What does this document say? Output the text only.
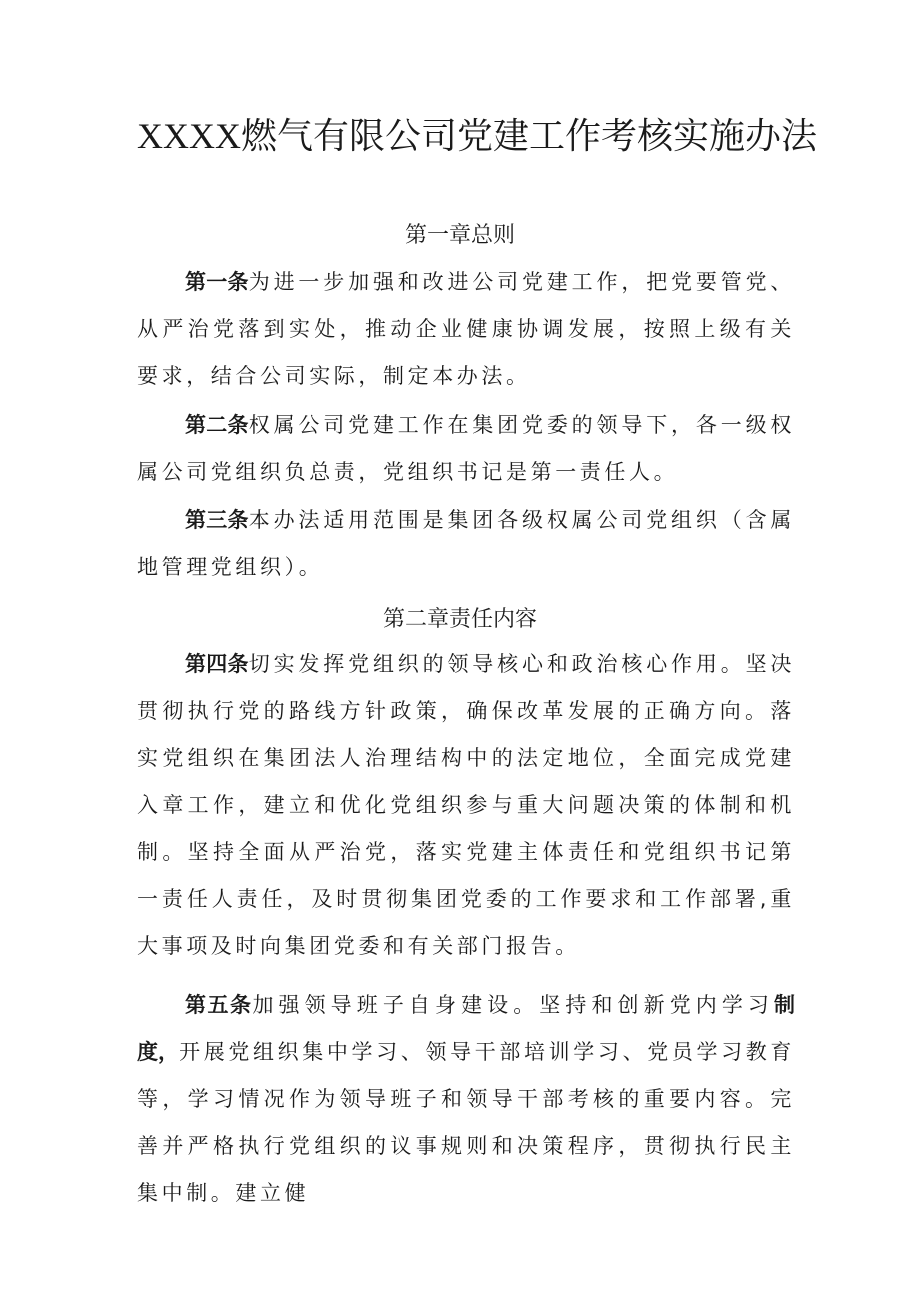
XXXX燃气有限公司党建工作考核实施办法
第一章总则
第一条为进一步加强和改进公司党建工作，把党要管党、从严治党落到实处，推动企业健康协调发展，按照上级有关要求，结合公司实际，制定本办法。
第二条权属公司党建工作在集团党委的领导下，各一级权属公司党组织负总责，党组织书记是第一责任人。
第三条本办法适用范围是集团各级权属公司党组织（含属地管理党组织）。
第二章责任内容
第四条切实发挥党组织的领导核心和政治核心作用。坚决贯彻执行党的路线方针政策，确保改革发展的正确方向。落实党组织在集团法人治理结构中的法定地位，全面完成党建入章工作，建立和优化党组织参与重大问题决策的体制和机制。坚持全面从严治党，落实党建主体责任和党组织书记第一责任人责任，及时贯彻集团党委的工作要求和工作部署,重大事项及时向集团党委和有关部门报告。
第五条加强领导班子自身建设。坚持和创新党内学习制度，开展党组织集中学习、领导干部培训学习、党员学习教育等，学习情况作为领导班子和领导干部考核的重要内容。完善并严格执行党组织的议事规则和决策程序，贯彻执行民主集中制。建立健
